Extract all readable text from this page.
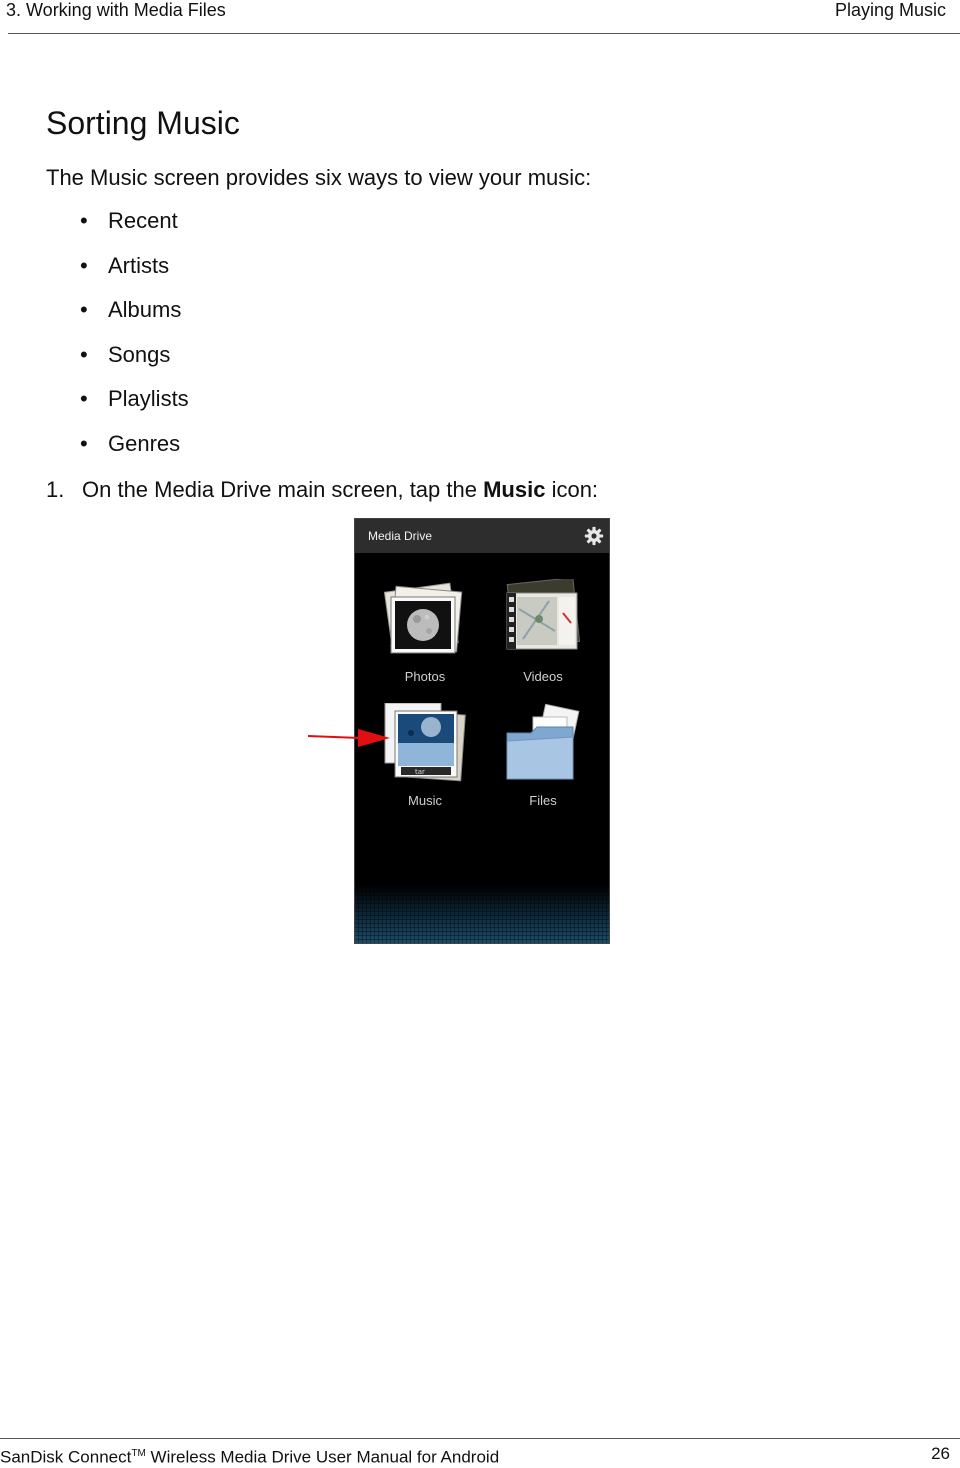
3. Working with Media Files	Playing Music
Sorting Music

The Music screen provides six ways to view your music:

• Recent
• Artists
• Albums
• Songs
• Playlists
• Genres

1. On the Media Drive main screen, tap the Music icon:

Media Drive
Photos	Videos
tar
Music	Files
SanDisk Connect™ Wireless Media Drive User Manual for Android	26
